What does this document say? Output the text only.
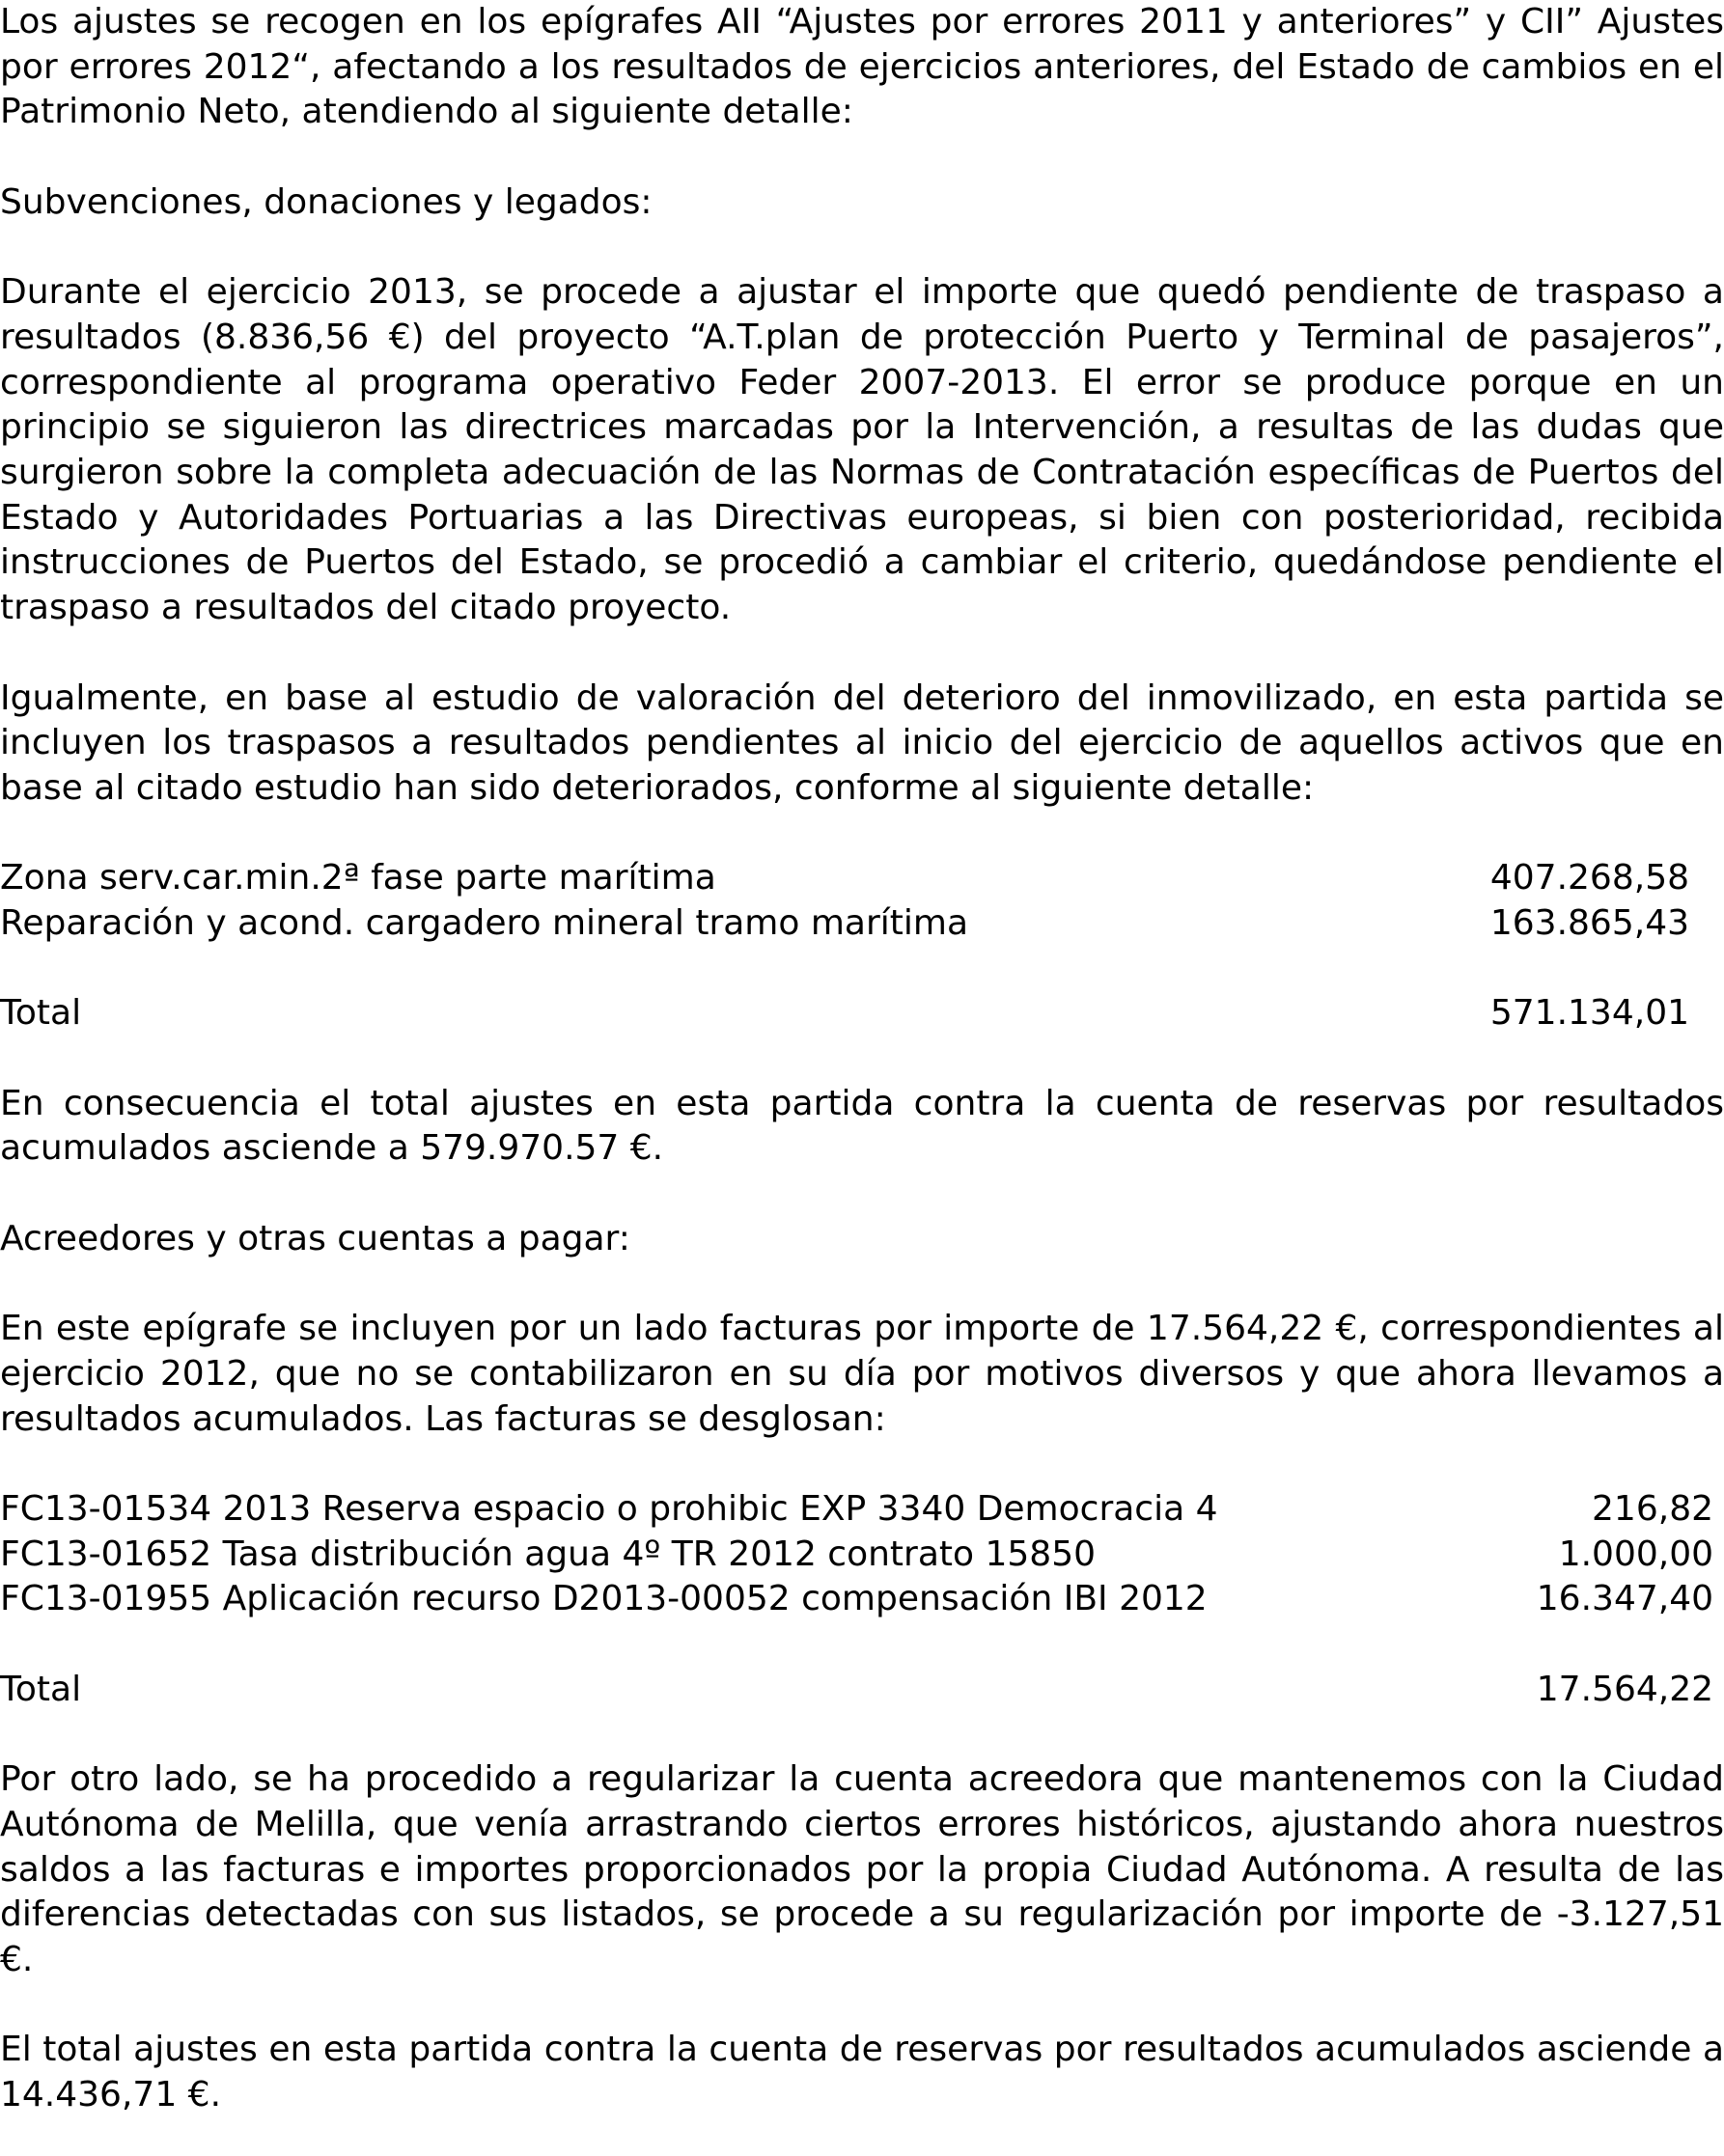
Los ajustes se recogen en los epígrafes AII “Ajustes por errores 2011 y anteriores” y CII” Ajustes por errores 2012“, afectando a los resultados de ejercicios anteriores, del Estado de cambios en el Patrimonio Neto, atendiendo al siguiente detalle:

Subvenciones, donaciones y legados:

Durante el ejercicio 2013, se procede a ajustar el importe que quedó pendiente de traspaso a resultados (8.836,56 €) del proyecto “A.T.plan de protección Puerto y Terminal de pasajeros”, correspondiente al programa operativo Feder 2007-2013. El error se produce porque en un principio se siguieron las directrices marcadas por la Intervención, a resultas de las dudas que surgieron sobre la completa adecuación de las Normas de Contratación específicas de Puertos del Estado y Autoridades Portuarias a las Directivas europeas, si bien con posterioridad, recibida instrucciones de Puertos del Estado, se procedió a cambiar el criterio, quedándose pendiente el traspaso a resultados del citado proyecto.

Igualmente, en base al estudio de valoración del deterioro del inmovilizado, en esta partida se incluyen los traspasos a resultados pendientes al inicio del ejercicio de aquellos activos que en base al citado estudio han sido deteriorados, conforme al siguiente detalle:

Zona serv.car.min.2ª fase parte marítima	407.268,58
Reparación y acond. cargadero mineral tramo marítima	163.865,43
Total	571.134,01

En consecuencia el total ajustes en esta partida contra la cuenta de reservas por resultados acumulados asciende a 579.970.57 €.

Acreedores y otras cuentas a pagar:

En este epígrafe se incluyen por un lado facturas por importe de 17.564,22 €, correspondientes al ejercicio 2012, que no se contabilizaron en su día por motivos diversos y que ahora llevamos a resultados acumulados. Las facturas se desglosan:

FC13-01534 2013 Reserva espacio o prohibic EXP 3340 Democracia 4	216,82
FC13-01652 Tasa distribución agua 4º TR 2012 contrato 15850	1.000,00
FC13-01955 Aplicación recurso D2013-00052 compensación IBI 2012	16.347,40
Total	17.564,22

Por otro lado, se ha procedido a regularizar la cuenta acreedora que mantenemos con la Ciudad Autónoma de Melilla, que venía arrastrando ciertos errores históricos, ajustando ahora nuestros saldos a las facturas e importes proporcionados por la propia Ciudad Autónoma. A resulta de las diferencias detectadas con sus listados, se procede a su regularización por importe de -3.127,51 €.

El total ajustes en esta partida contra la cuenta de reservas por resultados acumulados asciende a 14.436,71 €.
